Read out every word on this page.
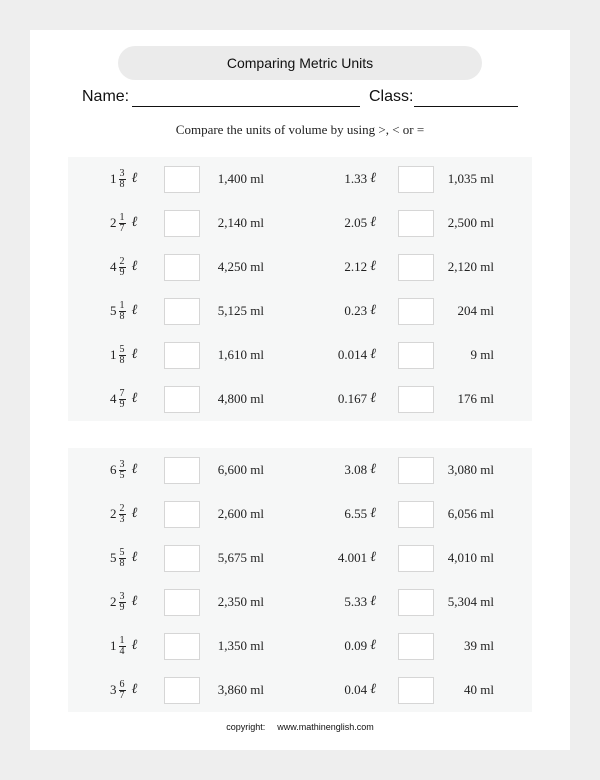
Comparing Metric Units
Name:	Class:
Compare the units of volume by using >, < or =
$1 \frac{3}{8}$ ℓ	1,400 ml	1.33 ℓ	1,035 ml
$2 \frac{1}{7}$ ℓ	2,140 ml	2.05 ℓ	2,500 ml
$4 \frac{2}{9}$ ℓ	4,250 ml	2.12 ℓ	2,120 ml
$5 \frac{1}{8}$ ℓ	5,125 ml	0.23 ℓ	204 ml
$1 \frac{5}{8}$ ℓ	1,610 ml	0.014 ℓ	9 ml
$4 \frac{7}{9}$ ℓ	4,800 ml	0.167 ℓ	176 ml
$6 \frac{3}{5}$ ℓ	6,600 ml	3.08 ℓ	3,080 ml
$2 \frac{2}{3}$ ℓ	2,600 ml	6.55 ℓ	6,056 ml
$5 \frac{5}{8}$ ℓ	5,675 ml	4.001 ℓ	4,010 ml
$2 \frac{3}{9}$ ℓ	2,350 ml	5.33 ℓ	5,304 ml
$1 \frac{1}{4}$ ℓ	1,350 ml	0.09 ℓ	39 ml
$3 \frac{6}{7}$ ℓ	3,860 ml	0.04 ℓ	40 ml
copyright: www.mathinenglish.com
